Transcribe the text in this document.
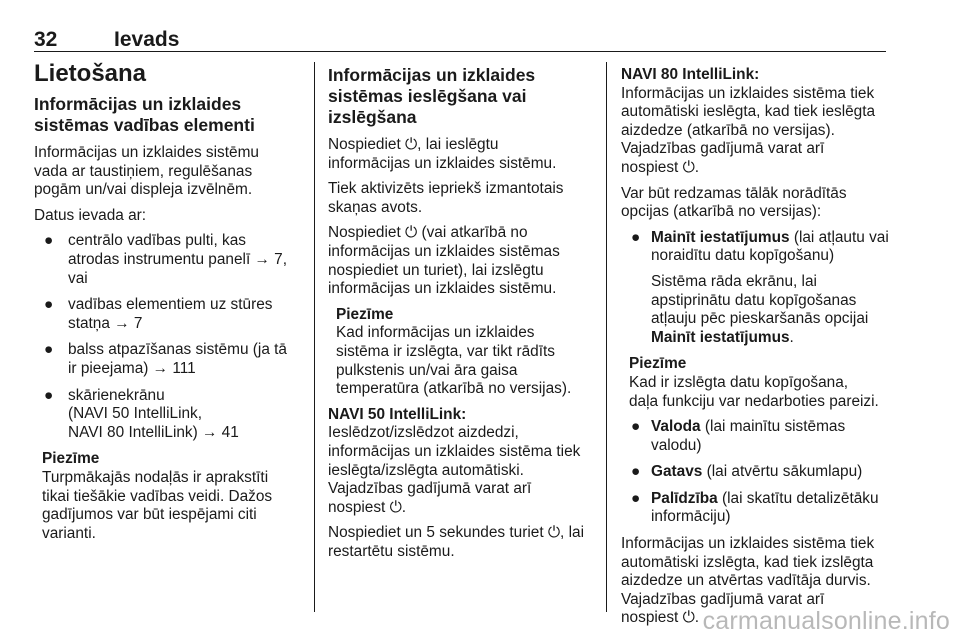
32	Ievads
Lietošana
Informācijas un izklaides
sistēmas vadības elementi

Informācijas un izklaides sistēmu
vada ar taustiņiem, regulēšanas
pogām un/vai displeja izvēlnēm.

Datus ievada ar:

● centrālo vadības pulti, kas
atrodas instrumentu panelī → 7,
vai
● vadības elementiem uz stūres
statņa → 7
● balss atpazīšanas sistēmu (ja tā
ir pieejama) → 111
● skārienekrānu
(NAVI 50 IntelliLink,
NAVI 80 IntelliLink) → 41
Piezīme
Turpmākajās nodaļās ir aprakstīti
tikai tiešākie vadības veidi. Dažos
gadījumos var būt iespējami citi
varianti.
Informācijas un izklaides
sistēmas ieslēgšana vai
izslēgšana

Nospiediet ⏻, lai ieslēgtu
informācijas un izklaides sistēmu.

Tiek aktivizēts iepriekš izmantotais
skaņas avots.

Nospiediet ⏻ (vai atkarībā no
informācijas un izklaides sistēmas
nospiediet un turiet), lai izslēgtu
informācijas un izklaides sistēmu.

Piezīme
Kad informācijas un izklaides
sistēma ir izslēgta, var tikt rādīts
pulkstenis un/vai āra gaisa
temperatūra (atkarībā no versijas).

NAVI 50 IntelliLink:
Ieslēdzot/izslēdzot aizdedzi,
informācijas un izklaides sistēma tiek
ieslēgta/izslēgta automātiski.
Vajadzības gadījumā varat arī
nospiest ⏻.

Nospiediet un 5 sekundes turiet ⏻, lai
restartētu sistēmu.

NAVI 80 IntelliLink:
Informācijas un izklaides sistēma tiek
automātiski ieslēgta, kad tiek ieslēgta
aizdedze (atkarībā no versijas).
Vajadzības gadījumā varat arī
nospiest ⏻.

Var būt redzamas tālāk norādītās
opcijas (atkarībā no versijas):

● Mainīt iestatījumus (lai atļautu vai
noraidītu datu kopīgošanu)
Sistēma rāda ekrānu, lai
apstiprinātu datu kopīgošanas
atļauju pēc pieskaršanās opcijai
Mainīt iestatījumus.
Piezīme
Kad ir izslēgta datu kopīgošana,
daļa funkciju var nedarboties pareizi.
● Valoda (lai mainītu sistēmas
valodu)
● Gatavs (lai atvērtu sākumlapu)
● Palīdzība (lai skatītu detalizētāku
informāciju)

Informācijas un izklaides sistēma tiek
automātiski izslēgta, kad tiek izslēgta
aizdedze un atvērtas vadītāja durvis.
Vajadzības gadījumā varat arī
nospiest ⏻. carmanualsonline.info
